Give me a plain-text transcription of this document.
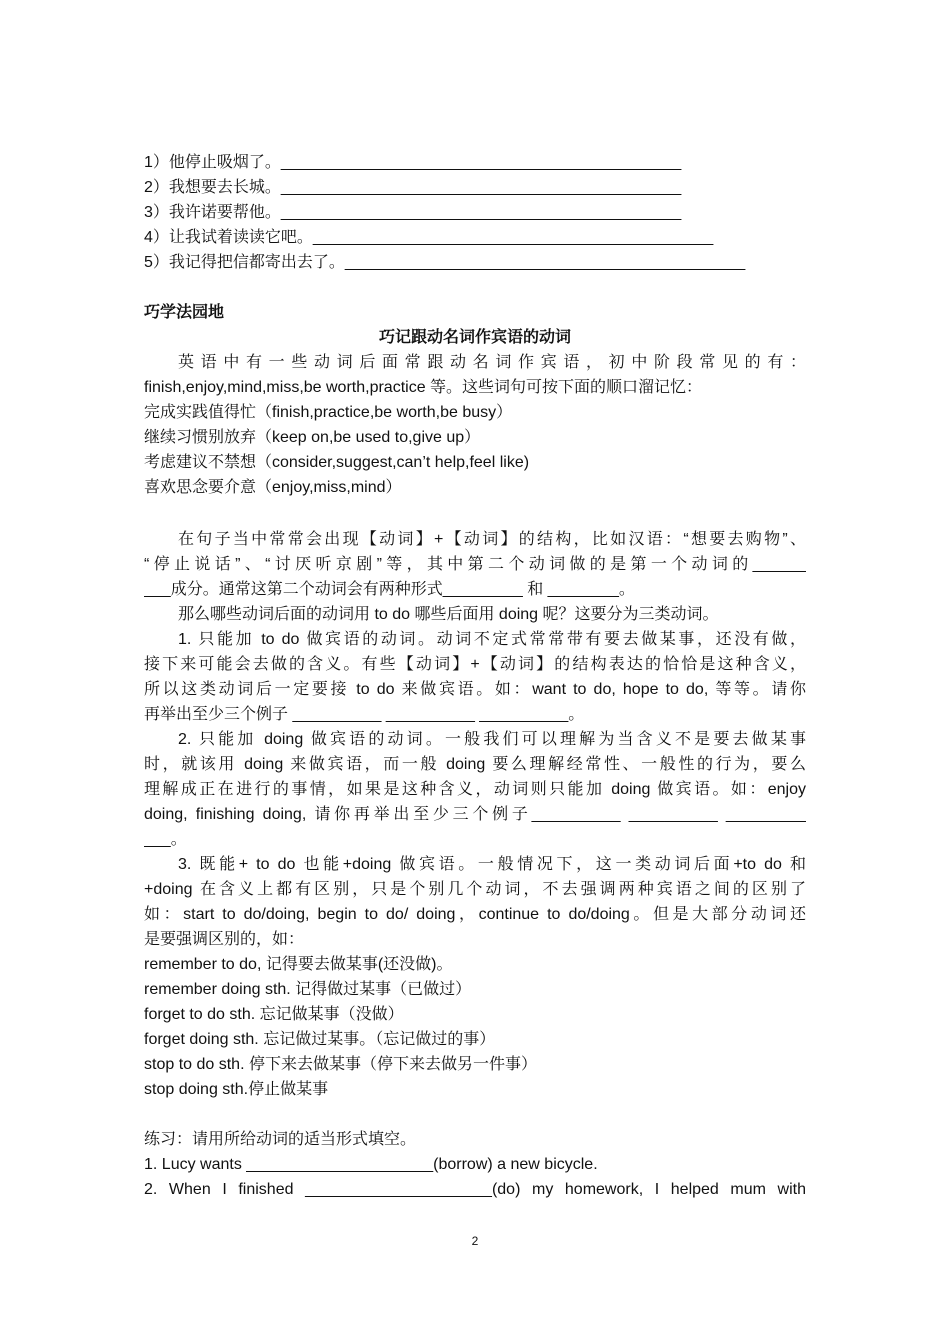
1）他停止吸烟了。_____________________________________________
2）我想要去长城。_____________________________________________
3）我许诺要帮他。_____________________________________________
4）让我试着读读它吧。_____________________________________________
5）我记得把信都寄出去了。_____________________________________________
巧学法园地
巧记跟动名词作宾语的动词
英语中有一些动词后面常跟动名词作宾语，初中阶段常见的有：
finish,enjoy,mind,miss,be worth,practice 等。这些词句可按下面的顺口溜记忆：
完成实践值得忙（finish,practice,be worth,be busy）
继续习惯别放弃（keep on,be used to,give up）
考虑建议不禁想（consider,suggest,can’t help,feel like)
喜欢思念要介意（enjoy,miss,mind）
在句子当中常常会出现【动词】+【动词】的结构，比如汉语：“想要去购物”、
“停止说话”、“讨厌听京剧”等，其中第二个动词做的是第一个动词的______
___成分。通常这第二个动词会有两种形式_________ 和 ________。
那么哪些动词后面的动词用 to do 哪些后面用 doing 呢？这要分为三类动词。
1. 只能加 to do 做宾语的动词。动词不定式常常带有要去做某事，还没有做，
接下来可能会去做的含义。有些【动词】+【动词】的结构表达的恰恰是这种含义，
所以这类动词后一定要接 to do 来做宾语。如：want to do, hope to do, 等等。请你
再举出至少三个例子 __________ __________ __________。
2. 只能加 doing 做宾语的动词。一般我们可以理解为当含义不是要去做某事
时，就该用 doing 来做宾语，而一般 doing 要么理解经常性、一般性的行为，要么
理解成正在进行的事情，如果是这种含义，动词则只能加 doing 做宾语。如：enjoy
doing, finishing doing, 请你再举出至少三个例子__________ __________ _________
___。
3. 既能+ to do 也能+doing 做宾语。一般情况下，这一类动词后面+to do 和
+doing 在含义上都有区别，只是个别几个动词，不去强调两种宾语之间的区别了
如：start to do/doing, begin to do/ doing，continue to do/doing。但是大部分动词还
是要强调区别的，如：
remember to do, 记得要去做某事(还没做)。
remember doing sth. 记得做过某事（已做过）
forget to do sth. 忘记做某事（没做）
forget doing sth. 忘记做过某事。（忘记做过的事）
stop to do sth. 停下来去做某事（停下来去做另一件事）
stop doing sth.停止做某事
练习：请用所给动词的适当形式填空。
1. Lucy wants _____________________(borrow) a new bicycle.
2. When I finished _____________________(do) my homework, I helped mum with
2
